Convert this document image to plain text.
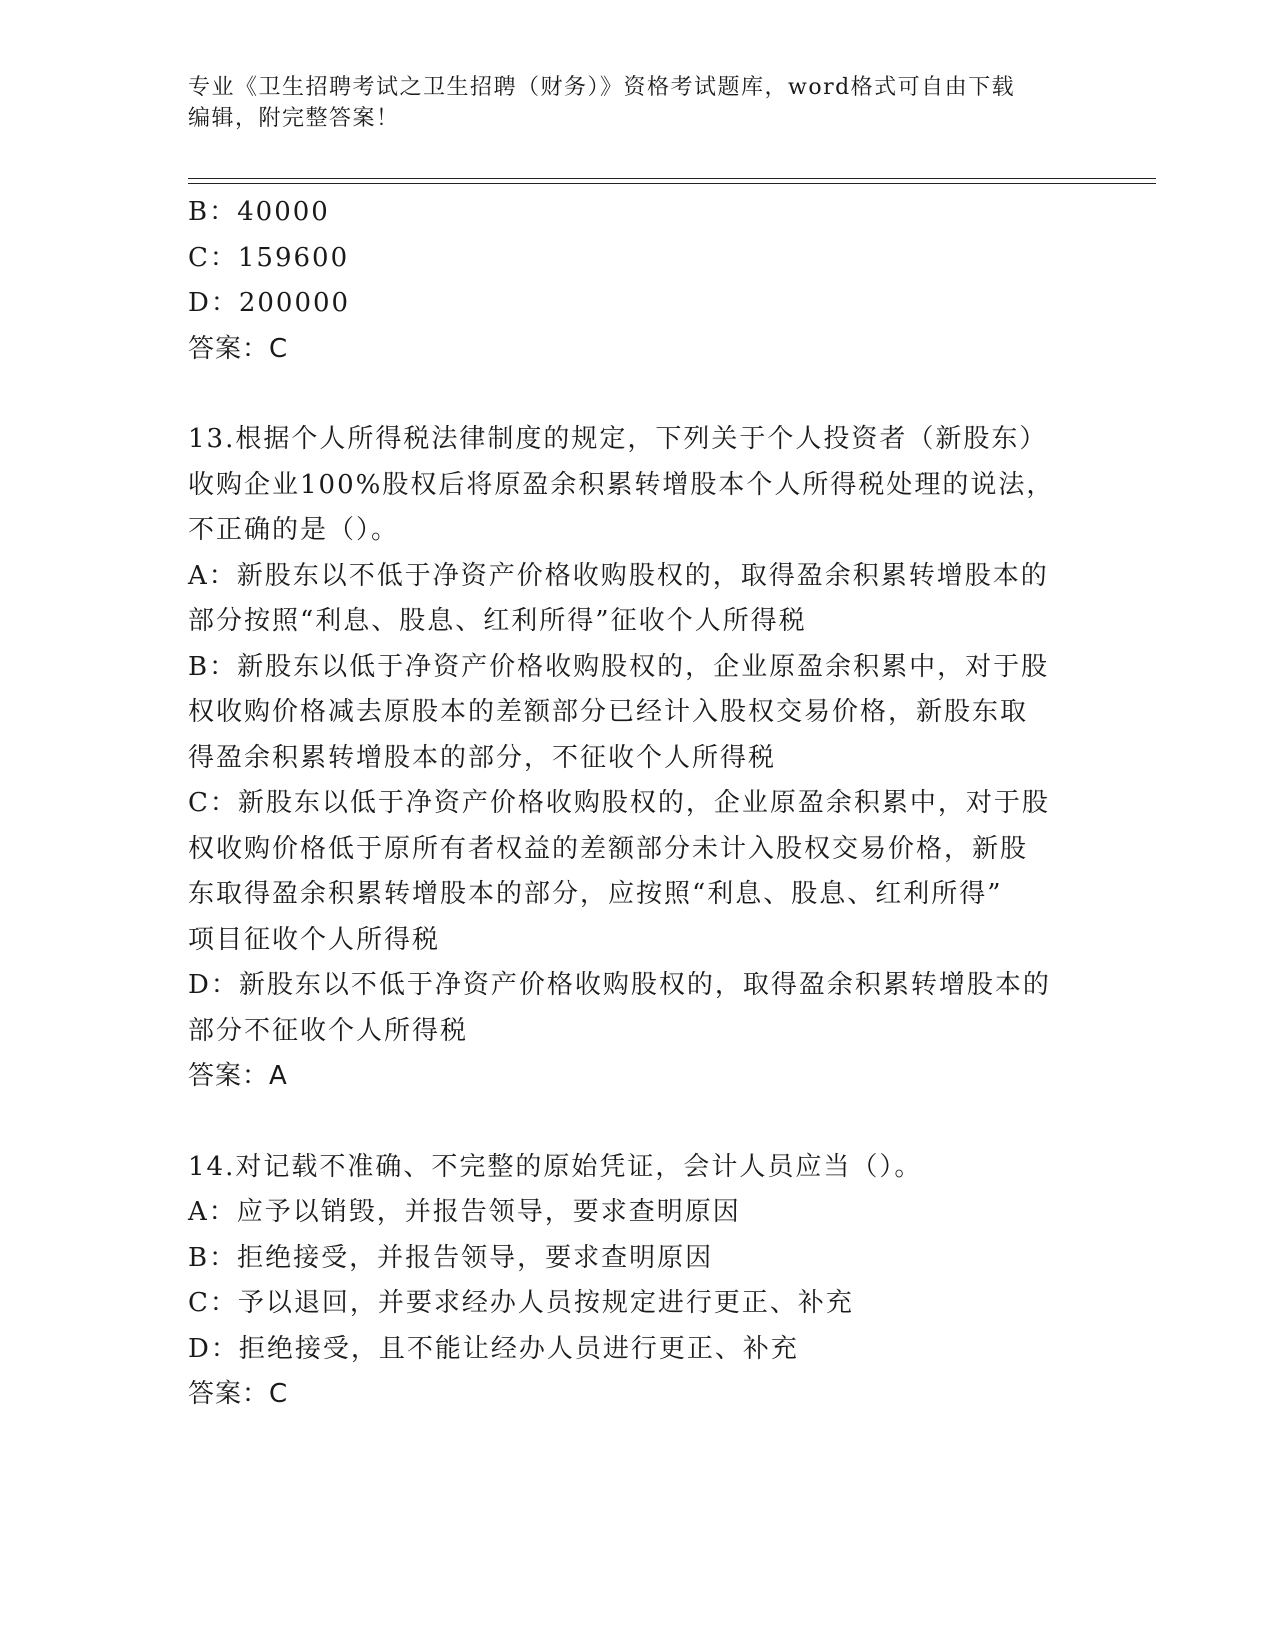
专业《卫生招聘考试之卫生招聘（财务）》资格考试题库，word格式可自由下载
编辑，附完整答案！
B：40000
C：159600
D：200000
答案：C
13.根据个人所得税法律制度的规定，下列关于个人投资者（新股东）
收购企业100%股权后将原盈余积累转增股本个人所得税处理的说法，
不正确的是（）。
A：新股东以不低于净资产价格收购股权的，取得盈余积累转增股本的
部分按照“利息、股息、红利所得”征收个人所得税
B：新股东以低于净资产价格收购股权的，企业原盈余积累中，对于股
权收购价格减去原股本的差额部分已经计入股权交易价格，新股东取
得盈余积累转增股本的部分，不征收个人所得税
C：新股东以低于净资产价格收购股权的，企业原盈余积累中，对于股
权收购价格低于原所有者权益的差额部分未计入股权交易价格，新股
东取得盈余积累转增股本的部分，应按照“利息、股息、红利所得”
项目征收个人所得税
D：新股东以不低于净资产价格收购股权的，取得盈余积累转增股本的
部分不征收个人所得税
答案：A
14.对记载不准确、不完整的原始凭证，会计人员应当（）。
A：应予以销毁，并报告领导，要求查明原因
B：拒绝接受，并报告领导，要求查明原因
C：予以退回，并要求经办人员按规定进行更正、补充
D：拒绝接受，且不能让经办人员进行更正、补充
答案：C
